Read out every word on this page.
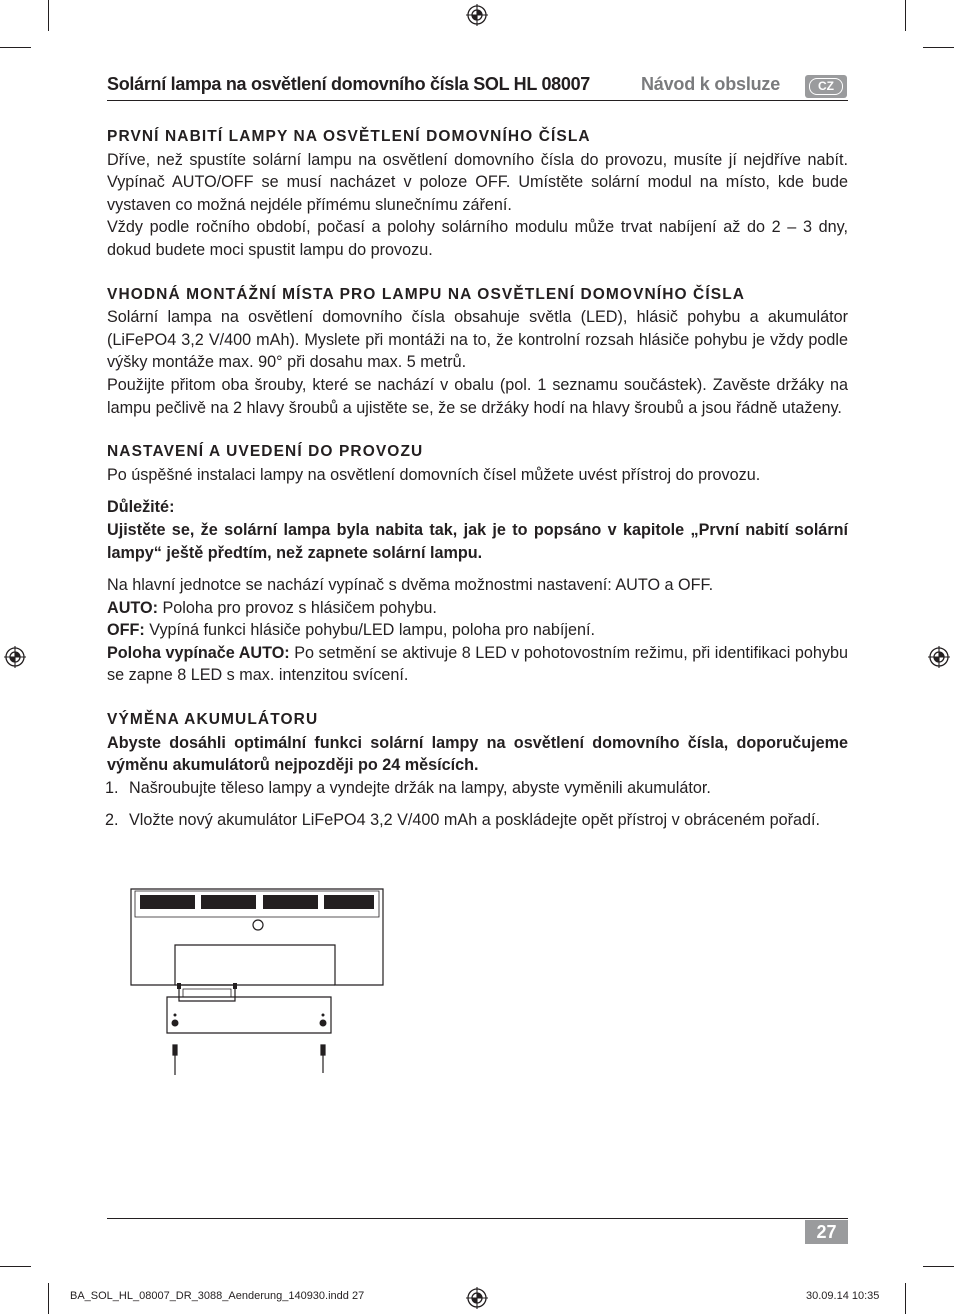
Solární lampa na osvětlení domovního čísla SOL HL 08007	Návod k obsluze	CZ
PRVNÍ NABITÍ LAMPY NA OSVĚTLENÍ DOMOVNÍHO ČÍSLA

Dříve, než spustíte solární lampu na osvětlení domovního čísla do provozu, musíte jí nejdříve nabít. Vypínač AUTO/OFF se musí nacházet v poloze OFF. Umístěte solární modul na místo, kde bude vystaven co možná nejdéle přímému slunečnímu záření.

Vždy podle ročního období, počasí a polohy solárního modulu může trvat nabíjení až do 2 – 3 dny, dokud budete moci spustit lampu do provozu.

VHODNÁ MONTÁŽNÍ MÍSTA PRO LAMPU NA OSVĚTLENÍ DOMOVNÍHO ČÍSLA

Solární lampa na osvětlení domovního čísla obsahuje světla (LED), hlásič pohybu a akumulátor (LiFePO4 3,2 V/400 mAh). Myslete při montáži na to, že kontrolní rozsah hlásiče pohybu je vždy podle výšky montáže max. 90° při dosahu max. 5 metrů.

Použijte přitom oba šrouby, které se nachází v obalu (pol. 1 seznamu součástek). Zavěste držáky na lampu pečlivě na 2 hlavy šroubů a ujistěte se, že se držáky hodí na hlavy šroubů a jsou řádně utaženy.

NASTAVENÍ A UVEDENÍ DO PROVOZU

Po úspěšné instalaci lampy na osvětlení domovních čísel můžete uvést přístroj do provozu.

Důležité:

Ujistěte se, že solární lampa byla nabita tak, jak je to popsáno v kapitole „První nabití solární lampy“ ještě předtím, než zapnete solární lampu.

Na hlavní jednotce se nachází vypínač s dvěma možnostmi nastavení: AUTO a OFF.

AUTO: Poloha pro provoz s hlásičem pohybu.

OFF: Vypíná funkci hlásiče pohybu/LED lampu, poloha pro nabíjení.

Poloha vypínače AUTO: Po setmění se aktivuje 8 LED v pohotovostním režimu, při identifikaci pohybu se zapne 8 LED s max. intenzitou svícení.

VÝMĚNA AKUMULÁTORU

Abyste dosáhli optimální funkci solární lampy na osvětlení domovního čísla, doporučujeme výměnu akumulátorů nejpozději po 24 měsících.

1. Našroubujte těleso lampy a vyndejte držák na lampy, abyste vyměnili akumulátor.
2. Vložte nový akumulátor LiFePO4 3,2 V/400 mAh a poskládejte opět přístroj v obráceném pořadí.
27
BA_SOL_HL_08007_DR_3088_Aenderung_140930.indd 27	30.09.14 10:35
